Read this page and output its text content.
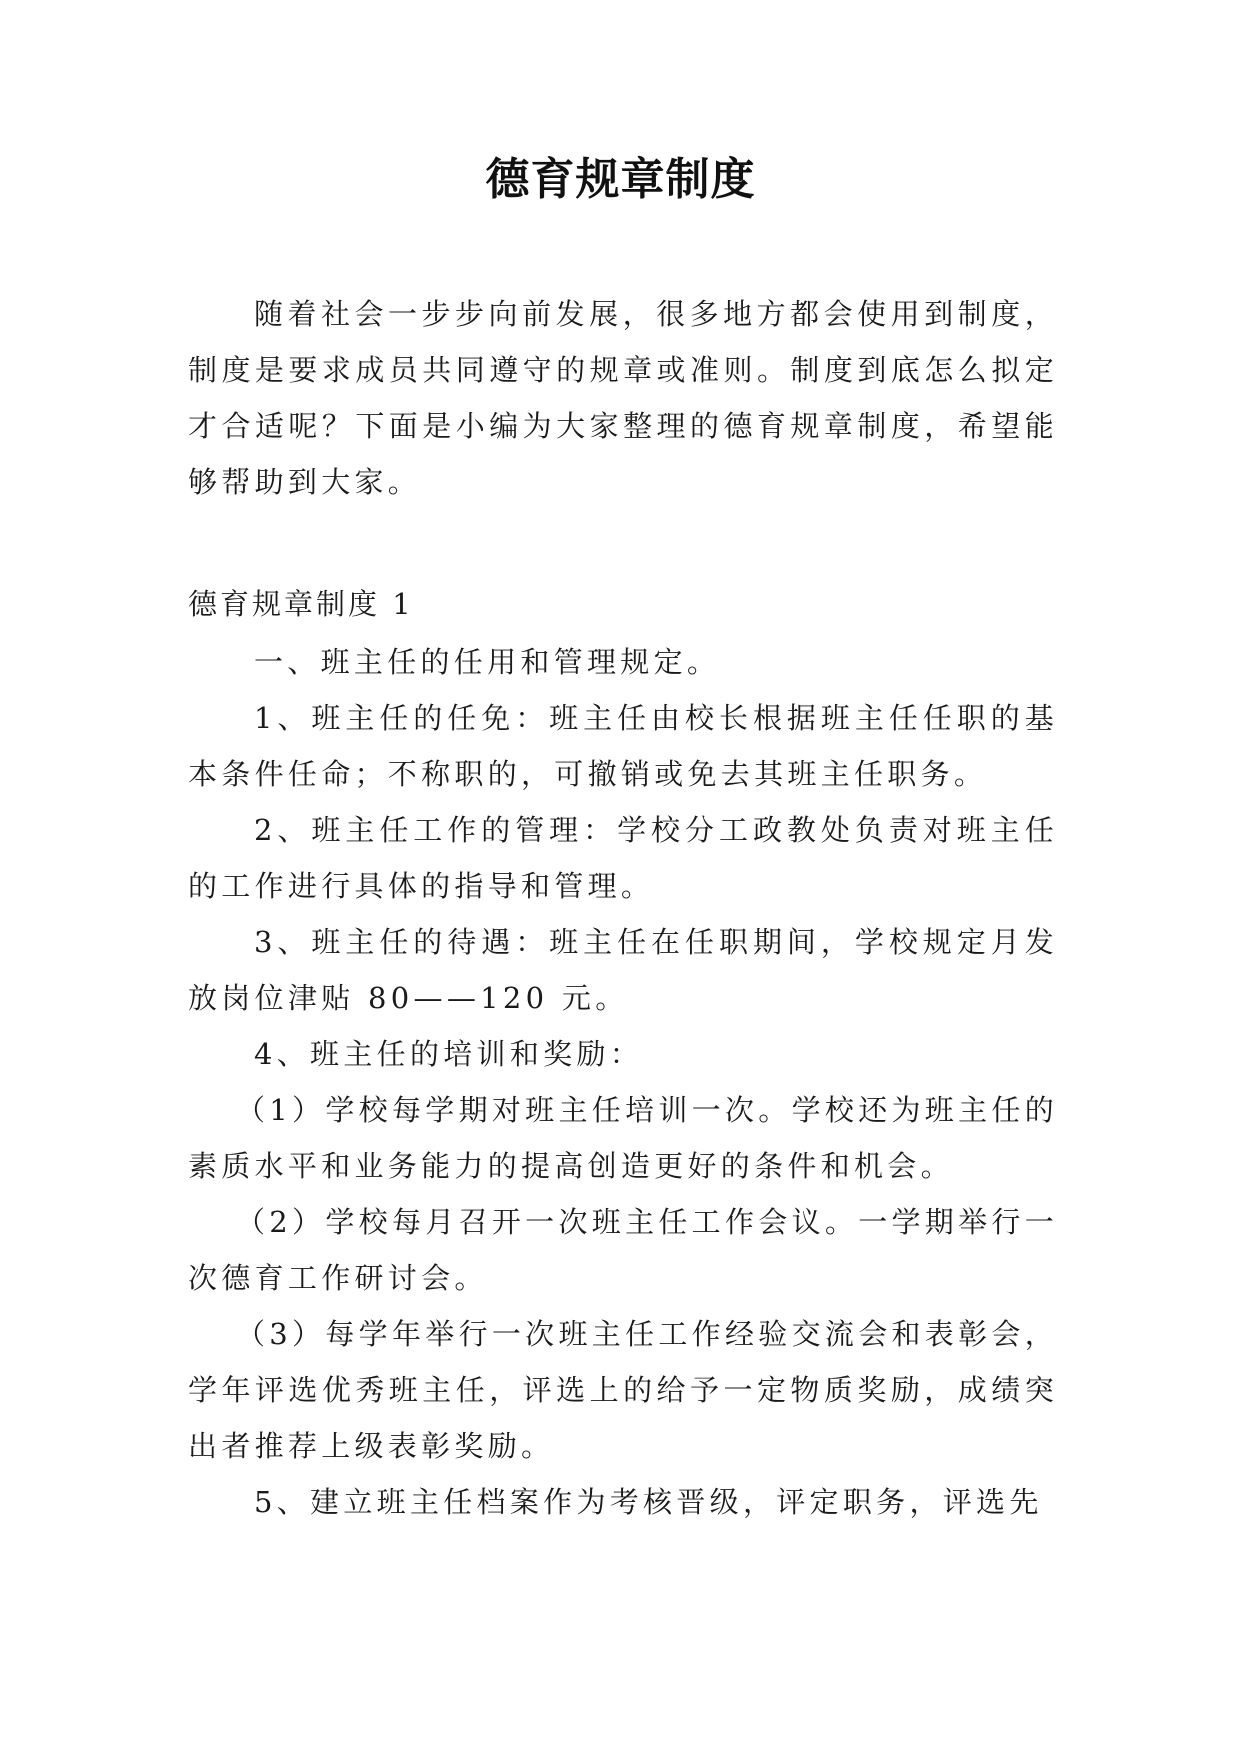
德育规章制度

随着社会一步步向前发展，很多地方都会使用到制度，制度是要求成员共同遵守的规章或准则。制度到底怎么拟定才合适呢？下面是小编为大家整理的德育规章制度，希望能够帮助到大家。

德育规章制度 1

一、班主任的任用和管理规定。

1、班主任的任免：班主任由校长根据班主任任职的基本条件任命；不称职的，可撤销或免去其班主任职务。

2、班主任工作的管理：学校分工政教处负责对班主任的工作进行具体的指导和管理。

3、班主任的待遇：班主任在任职期间，学校规定月发放岗位津贴 80——120 元。

4、班主任的培训和奖励：

（1）学校每学期对班主任培训一次。学校还为班主任的素质水平和业务能力的提高创造更好的条件和机会。

（2）学校每月召开一次班主任工作会议。一学期举行一次德育工作研讨会。

（3）每学年举行一次班主任工作经验交流会和表彰会，学年评选优秀班主任，评选上的给予一定物质奖励，成绩突出者推荐上级表彰奖励。

5、建立班主任档案作为考核晋级，评定职务，评选先
